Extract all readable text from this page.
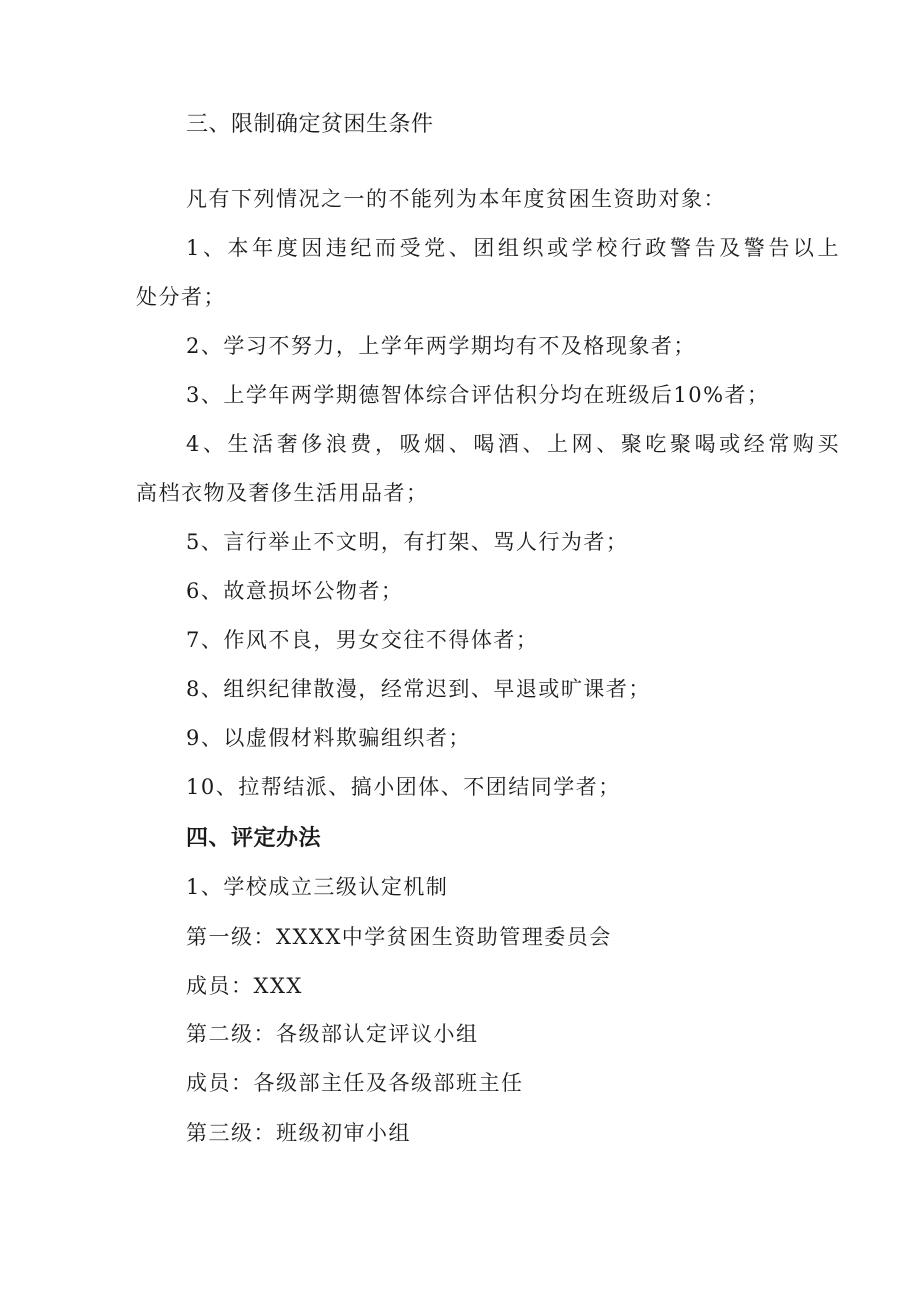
三、限制确定贫困生条件
凡有下列情况之一的不能列为本年度贫困生资助对象：
1、本年度因违纪而受党、团组织或学校行政警告及警告以上
处分者；
2、学习不努力，上学年两学期均有不及格现象者；
3、上学年两学期德智体综合评估积分均在班级后10%者；
4、生活奢侈浪费，吸烟、喝酒、上网、聚吃聚喝或经常购买
高档衣物及奢侈生活用品者；
5、言行举止不文明，有打架、骂人行为者；
6、故意损坏公物者；
7、作风不良，男女交往不得体者；
8、组织纪律散漫，经常迟到、早退或旷课者；
9、以虚假材料欺骗组织者；
10、拉帮结派、搞小团体、不团结同学者；
四、评定办法
1、学校成立三级认定机制
第一级：XXXX中学贫困生资助管理委员会
成员：XXX
第二级：各级部认定评议小组
成员：各级部主任及各级部班主任
第三级：班级初审小组
